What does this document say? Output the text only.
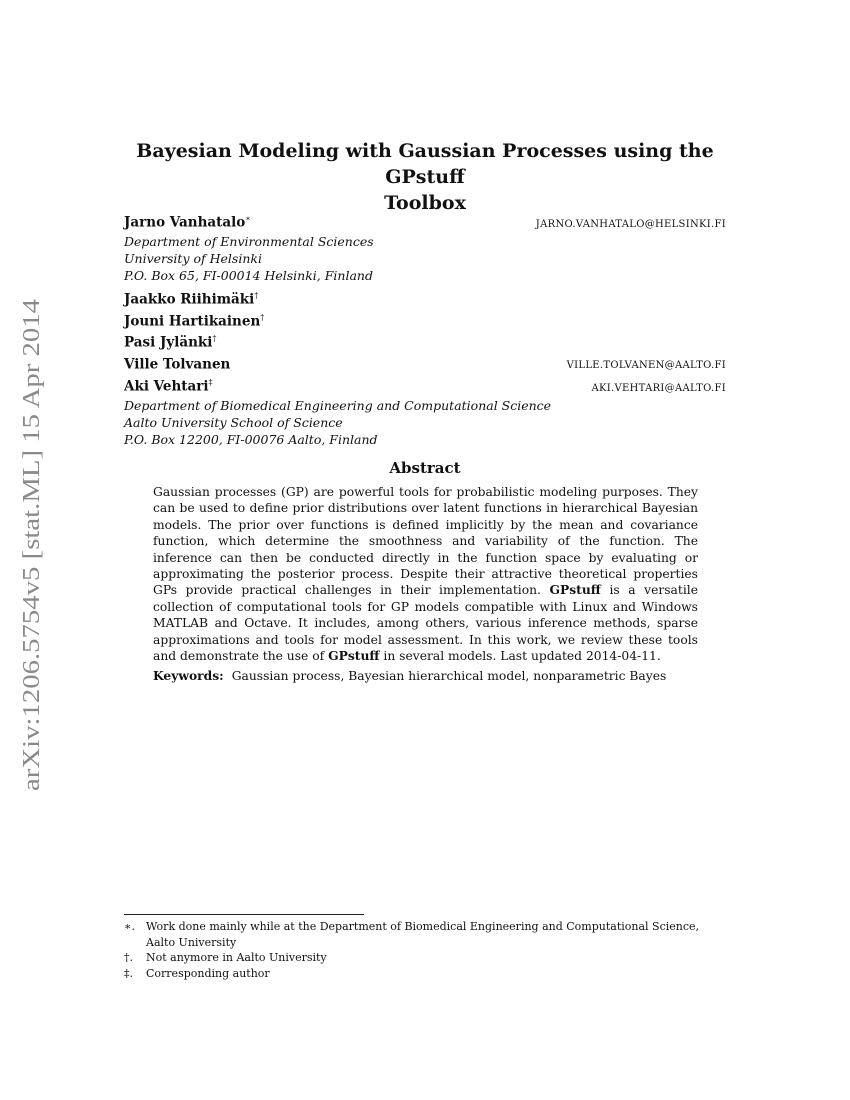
arXiv:1206.5754v5 [stat.ML] 15 Apr 2014
Bayesian Modeling with Gaussian Processes using the GPstuff
Toolbox
Jarno Vanhatalo∗	JARNO.VANHATALO@HELSINKI.FI
Department of Environmental Sciences
University of Helsinki
P.O. Box 65, FI-00014 Helsinki, Finland
Jaakko Riihimäki†
Jouni Hartikainen†
Pasi Jylänki†
Ville Tolvanen	VILLE.TOLVANEN@AALTO.FI
Aki Vehtari‡	AKI.VEHTARI@AALTO.FI
Department of Biomedical Engineering and Computational Science
Aalto University School of Science
P.O. Box 12200, FI-00076 Aalto, Finland
Abstract
Gaussian processes (GP) are powerful tools for probabilistic modeling purposes. They can be used to define prior distributions over latent functions in hierarchical Bayesian models. The prior over functions is defined implicitly by the mean and covariance function, which determine the smoothness and variability of the function. The inference can then be conducted directly in the function space by evaluating or approximating the posterior process. Despite their attractive theoretical properties GPs provide practical challenges in their implementation. GPstuff is a versatile collection of computational tools for GP models compatible with Linux and Windows MATLAB and Octave. It includes, among others, various inference methods, sparse approximations and tools for model assessment. In this work, we review these tools and demonstrate the use of GPstuff in several models. Last updated 2014-04-11.
Keywords: Gaussian process, Bayesian hierarchical model, nonparametric Bayes
∗.	Work done mainly while at the Department of Biomedical Engineering and Computational Science, Aalto University
†.	Not anymore in Aalto University
‡.	Corresponding author
